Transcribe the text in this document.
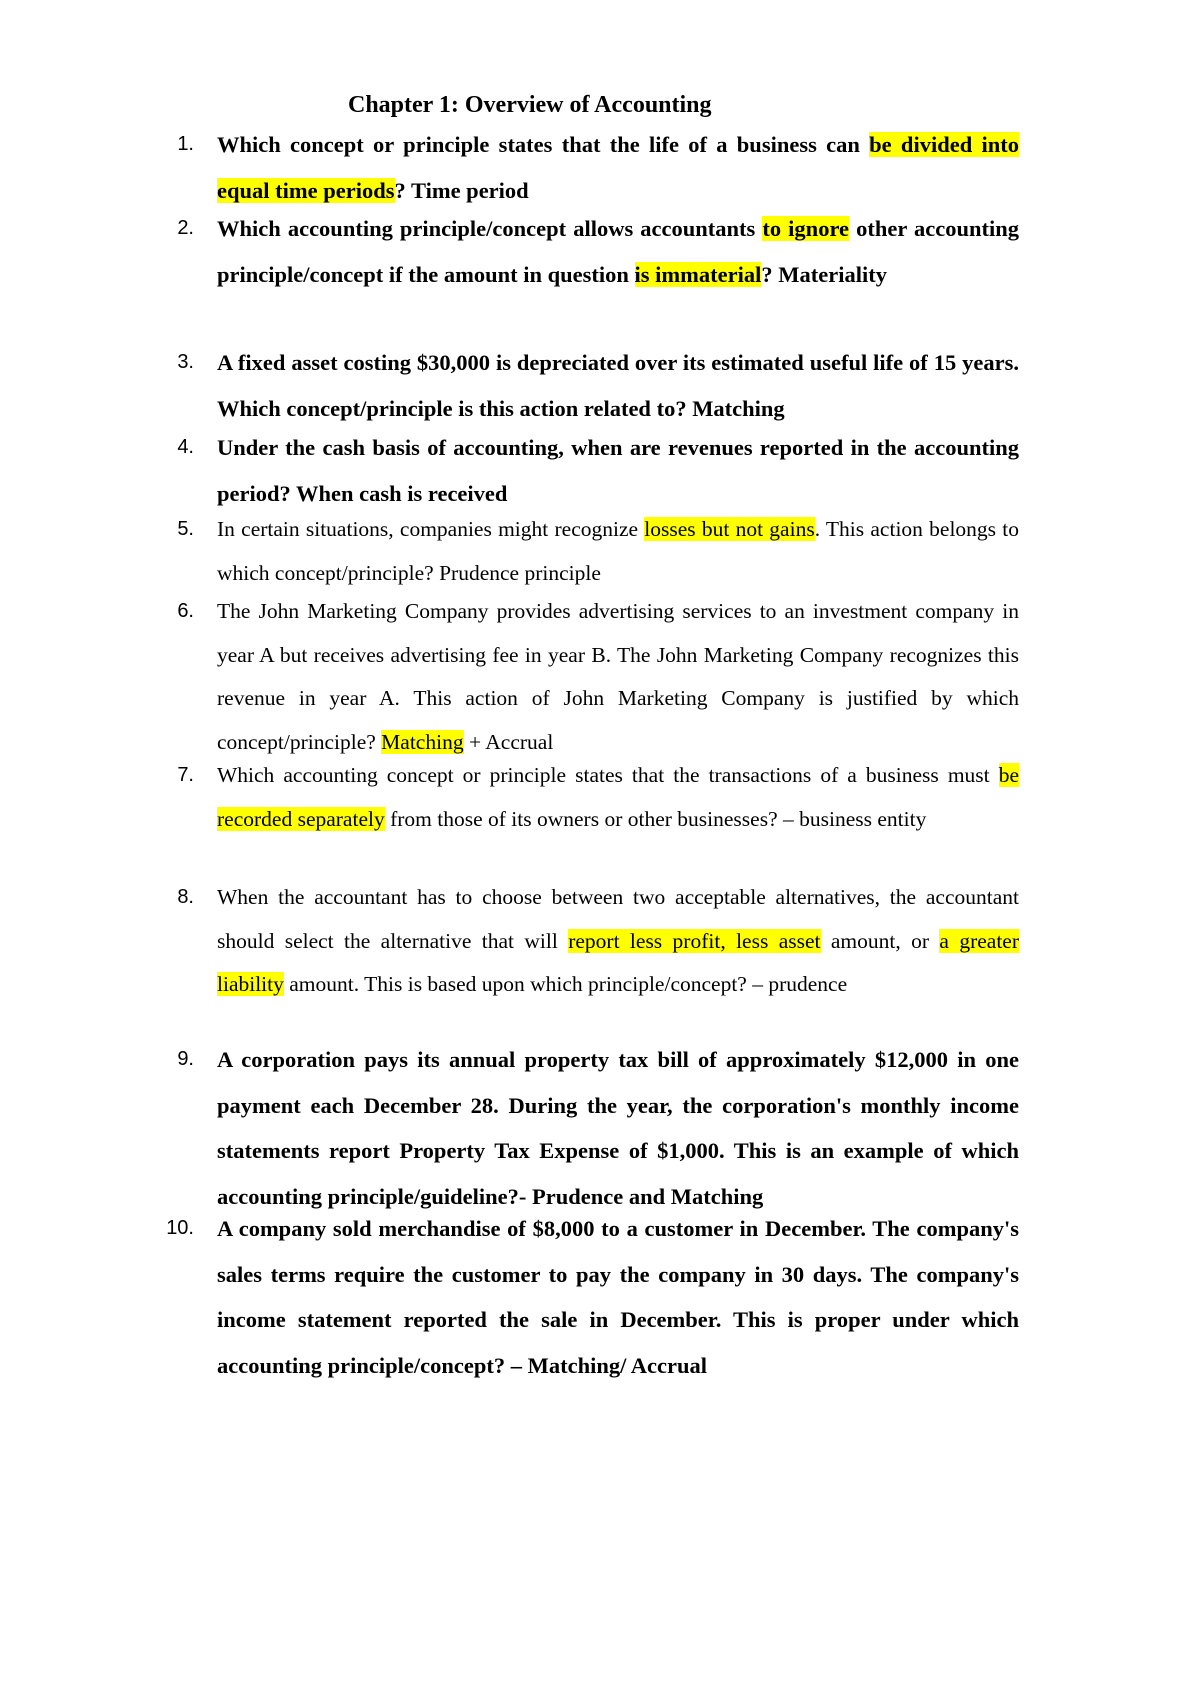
Chapter 1: Overview of Accounting
1. Which concept or principle states that the life of a business can be divided into equal time periods? Time period
2. Which accounting principle/concept allows accountants to ignore other accounting principle/concept if the amount in question is immaterial? Materiality
3. A fixed asset costing $30,000 is depreciated over its estimated useful life of 15 years. Which concept/principle is this action related to? Matching
4. Under the cash basis of accounting, when are revenues reported in the accounting period? When cash is received
5. In certain situations, companies might recognize losses but not gains. This action belongs to which concept/principle? Prudence principle
6. The John Marketing Company provides advertising services to an investment company in year A but receives advertising fee in year B. The John Marketing Company recognizes this revenue in year A. This action of John Marketing Company is justified by which concept/principle? Matching + Accrual
7. Which accounting concept or principle states that the transactions of a business must be recorded separately from those of its owners or other businesses? – business entity
8. When the accountant has to choose between two acceptable alternatives, the accountant should select the alternative that will report less profit, less asset amount, or a greater liability amount. This is based upon which principle/concept? – prudence
9. A corporation pays its annual property tax bill of approximately $12,000 in one payment each December 28. During the year, the corporation's monthly income statements report Property Tax Expense of $1,000. This is an example of which accounting principle/guideline?- Prudence and Matching
10. A company sold merchandise of $8,000 to a customer in December. The company's sales terms require the customer to pay the company in 30 days. The company's income statement reported the sale in December. This is proper under which accounting principle/concept? – Matching/ Accrual
